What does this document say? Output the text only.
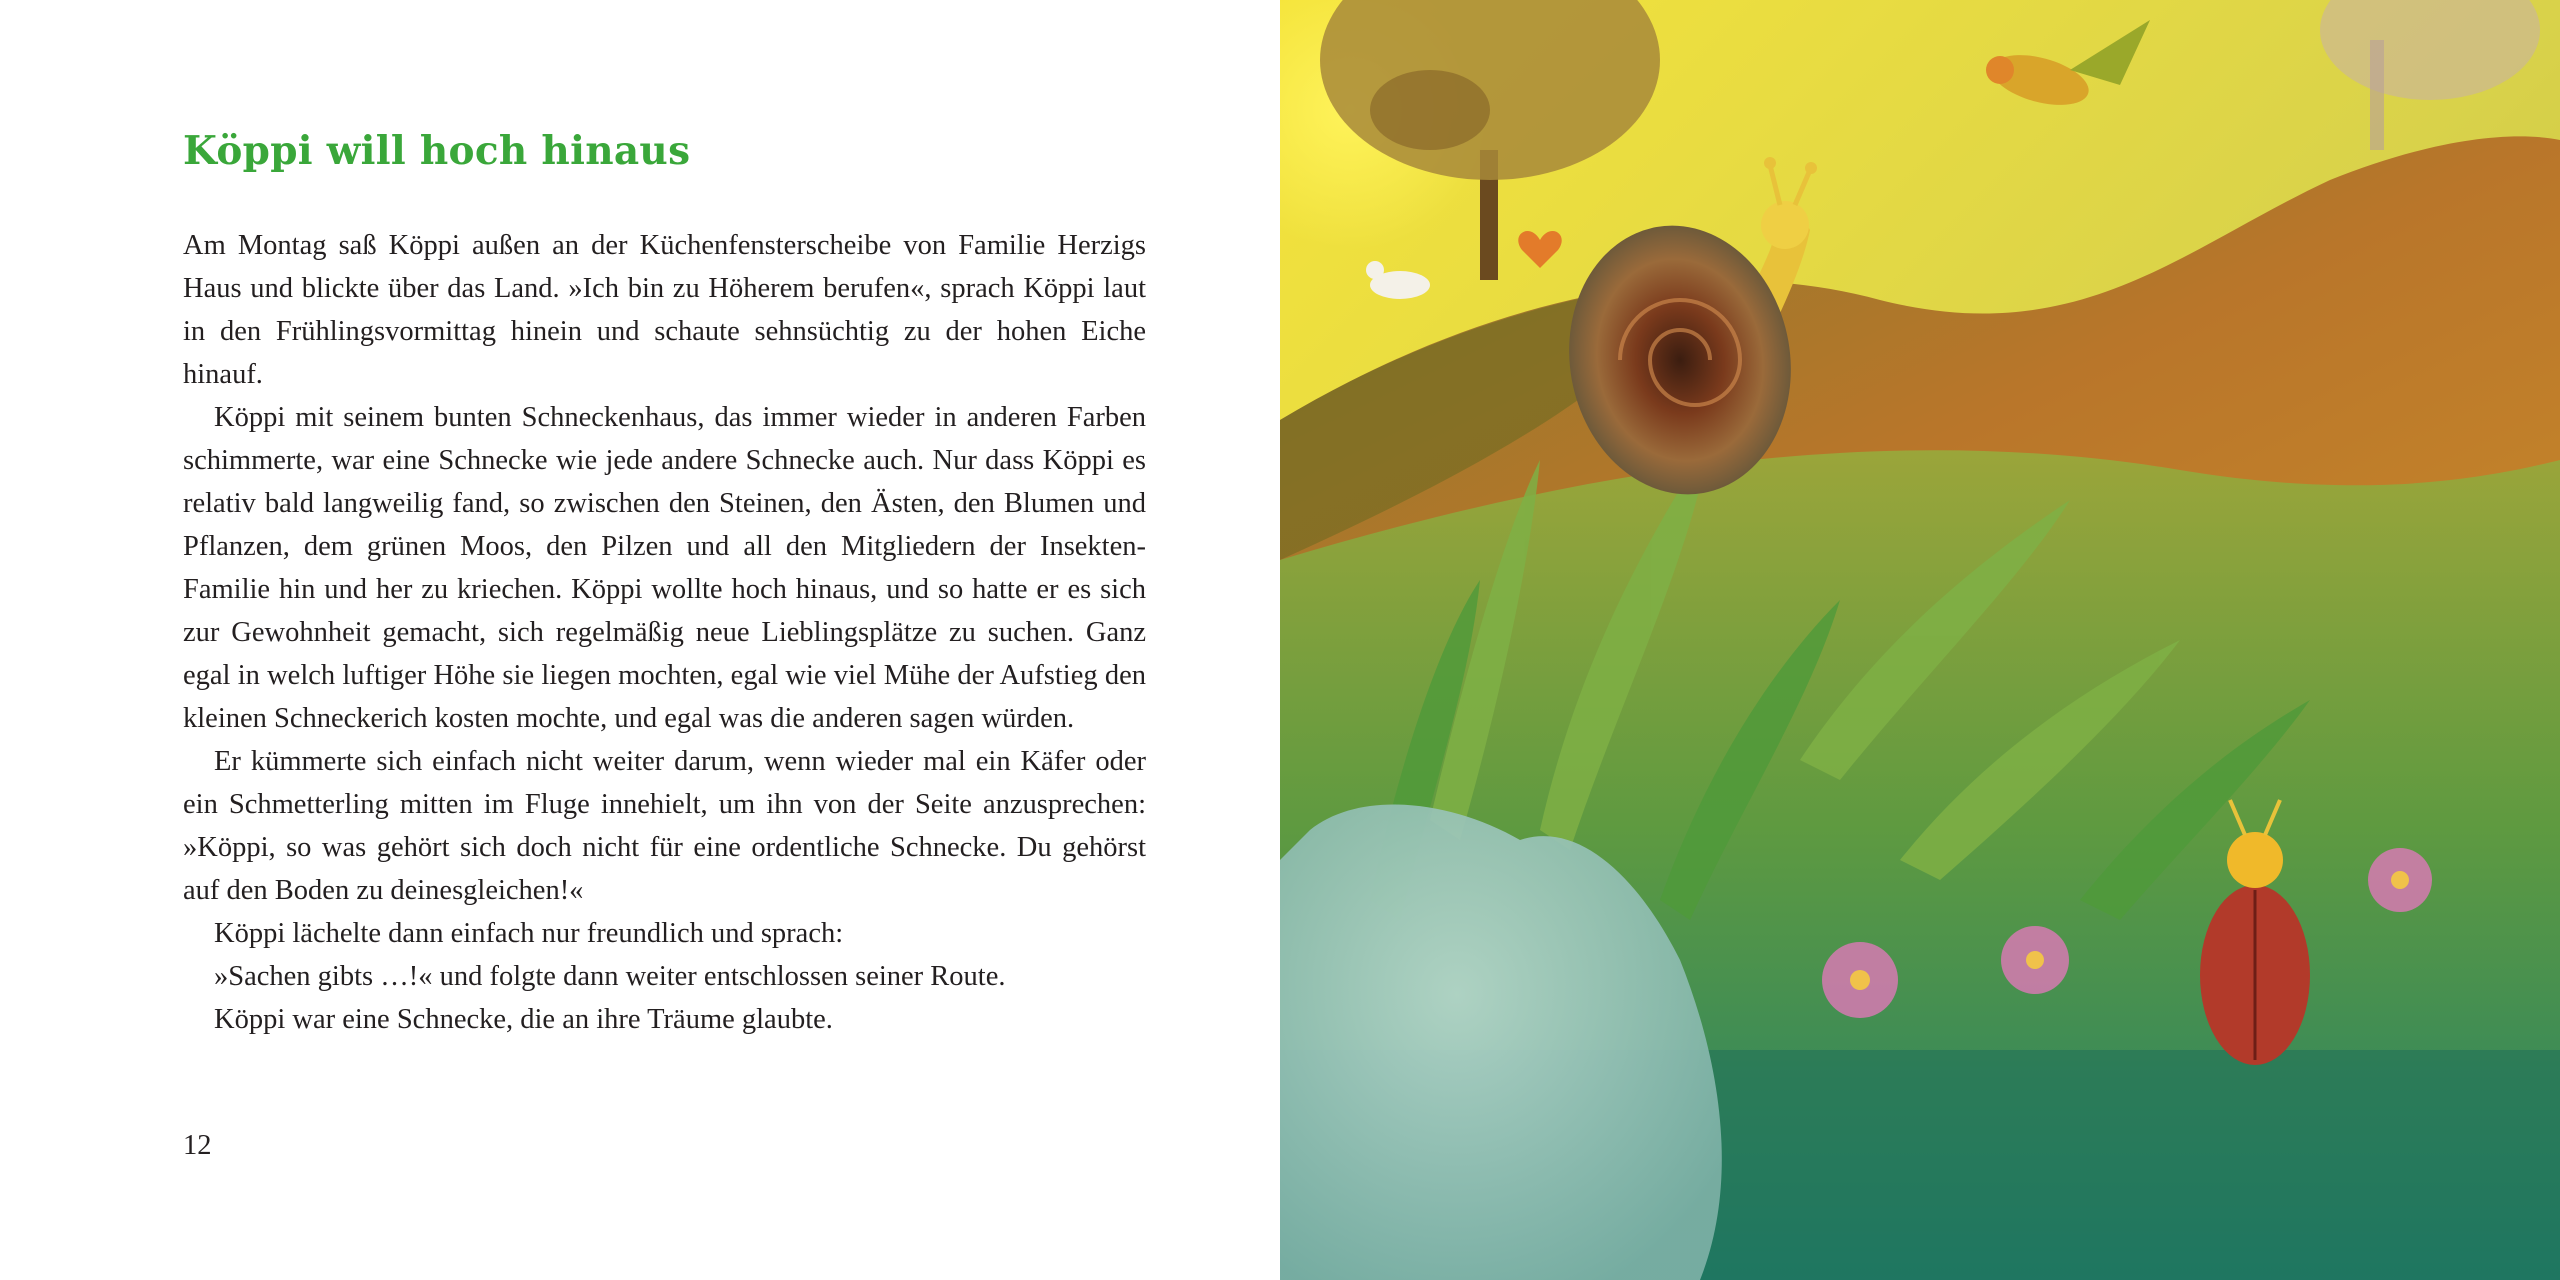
Köppi will hoch hinaus

Am Montag saß Köppi außen an der Küchenfensterscheibe von Familie Herzigs Haus und blickte über das Land. »Ich bin zu Höherem berufen«, sprach Köppi laut in den Frühlingsvormittag hinein und schaute sehnsüchtig zu der hohen Eiche hinauf.

Köppi mit seinem bunten Schneckenhaus, das immer wieder in anderen Farben schimmerte, war eine Schnecke wie jede andere Schnecke auch. Nur dass Köppi es relativ bald langweilig fand, so zwischen den Steinen, den Ästen, den Blumen und Pflanzen, dem grünen Moos, den Pilzen und all den Mitgliedern der Insekten-Familie hin und her zu kriechen. Köppi wollte hoch hinaus, und so hatte er es sich zur Gewohnheit gemacht, sich regelmäßig neue Lieblingsplätze zu suchen. Ganz egal in welch luftiger Höhe sie liegen mochten, egal wie viel Mühe der Aufstieg den kleinen Schneckerich kosten mochte, und egal was die anderen sagen würden.

Er kümmerte sich einfach nicht weiter darum, wenn wieder mal ein Käfer oder ein Schmetterling mitten im Fluge innehielt, um ihn von der Seite anzusprechen: »Köppi, so was gehört sich doch nicht für eine ordentliche Schnecke. Du gehörst auf den Boden zu deinesgleichen!«

Köppi lächelte dann einfach nur freundlich und sprach:

»Sachen gibts …!« und folgte dann weiter entschlossen seiner Route.

Köppi war eine Schnecke, die an ihre Träume glaubte.

12
